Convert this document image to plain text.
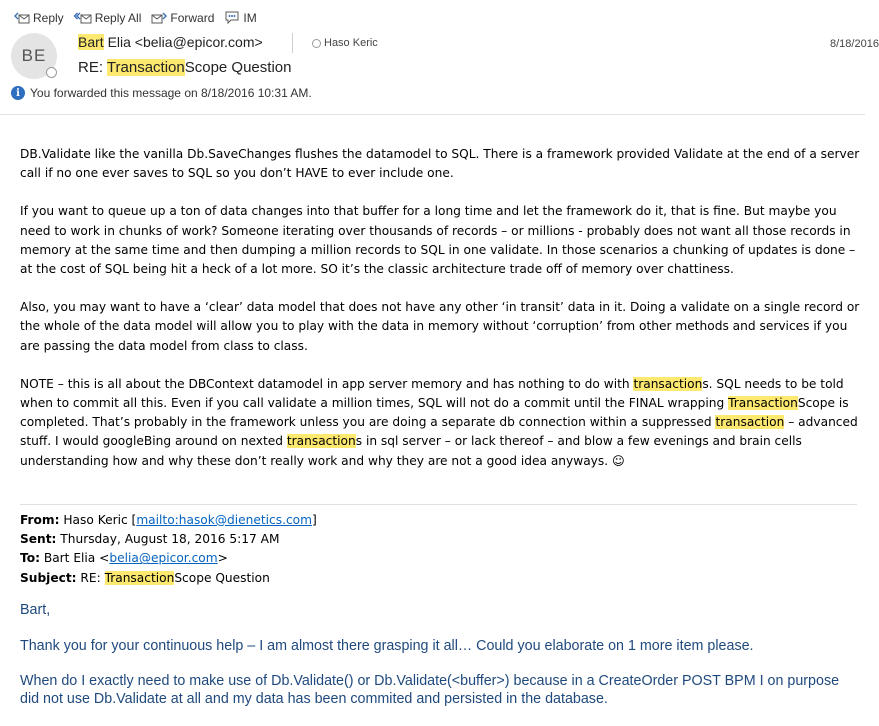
Reply	Reply All Forward IM
BE
Bart Elia <belia@epicor.com>	Haso Keric	8/18/2016
RE: TransactionScope Question
i You forwarded this message on 8/18/2016 10:31 AM.

DB.Validate like the vanilla Db.SaveChanges flushes the datamodel to SQL. There is a framework provided Validate at the end of a server call if no one ever saves to SQL so you don’t HAVE to ever include one.

If you want to queue up a ton of data changes into that buffer for a long time and let the framework do it, that is fine. But maybe you need to work in chunks of work? Someone iterating over thousands of records – or millions - probably does not want all those records in memory at the same time and then dumping a million records to SQL in one validate. In those scenarios a chunking of updates is done – at the cost of SQL being hit a heck of a lot more. SO it’s the classic architecture trade off of memory over chattiness.

Also, you may want to have a ‘clear’ data model that does not have any other ‘in transit’ data in it. Doing a validate on a single record or the whole of the data model will allow you to play with the data in memory without ‘corruption’ from other methods and services if you are passing the data model from class to class.

NOTE – this is all about the DBContext datamodel in app server memory and has nothing to do with transactions. SQL needs to be told when to commit all this. Even if you call validate a million times, SQL will not do a commit until the FINAL wrapping TransactionScope is completed. That’s probably in the framework unless you are doing a separate db connection within a suppressed transaction – advanced stuff. I would googleBing around on nexted transactions in sql server – or lack thereof – and blow a few evenings and brain cells understanding how and why these don’t really work and why they are not a good idea anyways. ☺

From: Haso Keric [mailto:hasok@dienetics.com]
Sent: Thursday, August 18, 2016 5:17 AM
To: Bart Elia <belia@epicor.com>
Subject: RE: TransactionScope Question

Bart,

Thank you for your continuous help – I am almost there grasping it all… Could you elaborate on 1 more item please.

When do I exactly need to make use of Db.Validate() or Db.Validate(<buffer>) because in a CreateOrder POST BPM I on purpose did not use Db.Validate at all and my data has been commited and persisted in the database.
